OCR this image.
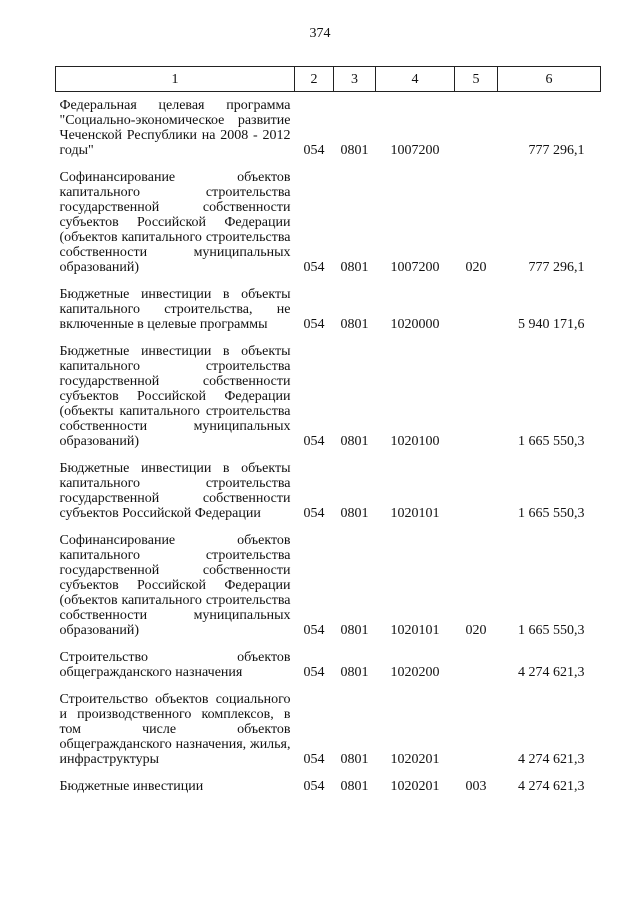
374
1	2	3	4	5	6
Федеральная целевая программа "Социально-экономическое развитие Чеченской Республики на 2008 - 2012 годы"	054	0801	1007200		777 296,1
Софинансирование объектов капитального строительства государственной собственности субъектов Российской Федерации (объектов капитального строительства собственности муниципальных образований)	054	0801	1007200	020	777 296,1
Бюджетные инвестиции в объекты капитального строительства, не включенные в целевые программы	054	0801	1020000		5 940 171,6
Бюджетные инвестиции в объекты капитального строительства государственной собственности субъектов Российской Федерации (объекты капитального строительства собственности муниципальных образований)	054	0801	1020100		1 665 550,3
Бюджетные инвестиции в объекты капитального строительства государственной собственности субъектов Российской Федерации	054	0801	1020101		1 665 550,3
Софинансирование объектов капитального строительства государственной собственности субъектов Российской Федерации (объектов капитального строительства собственности муниципальных образований)	054	0801	1020101	020	1 665 550,3
Строительство объектов общегражданского назначения	054	0801	1020200		4 274 621,3
Строительство объектов социального и производственного комплексов, в том числе объектов общегражданского назначения, жилья, инфраструктуры	054	0801	1020201		4 274 621,3
Бюджетные инвестиции	054	0801	1020201	003	4 274 621,3
